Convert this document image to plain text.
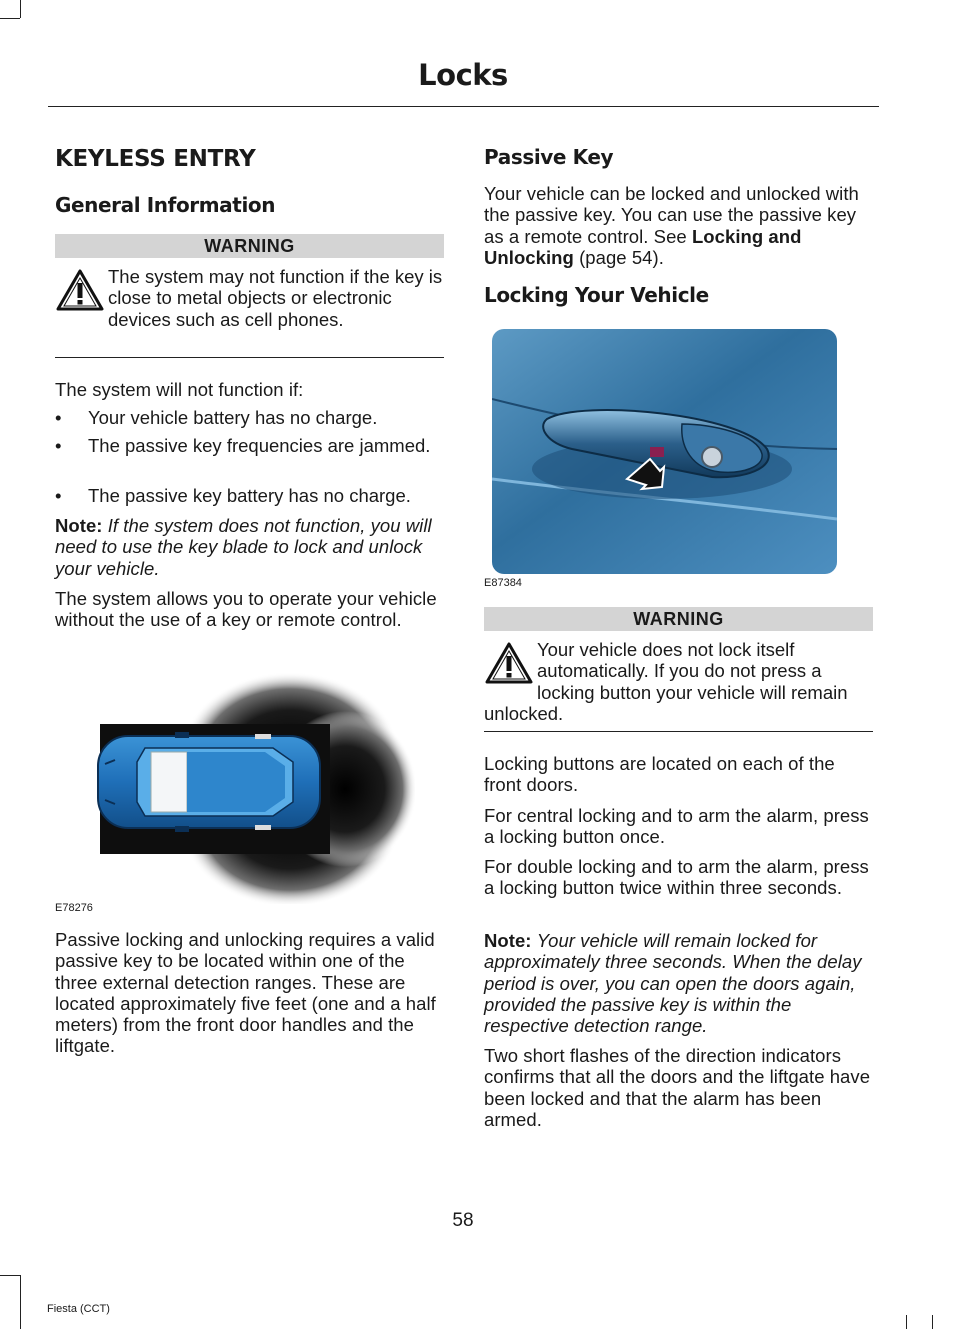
Locks
KEYLESS ENTRY
General Information
WARNING

The system may not function if the key is close to metal objects or electronic devices such as cell phones.

The system will not function if:

• Your vehicle battery has no charge.
• The passive key frequencies are jammed.
• The passive key battery has no charge.

Note: If the system does not function, you will need to use the key blade to lock and unlock your vehicle.

The system allows you to operate your vehicle without the use of a key or remote control.

E78276

Passive locking and unlocking requires a valid passive key to be located within one of the three external detection ranges. These are located approximately five feet (one and a half meters) from the front door handles and the liftgate.

Passive Key

Your vehicle can be locked and unlocked with the passive key. You can use the passive key as a remote control. See Locking and Unlocking (page 54).

Locking Your Vehicle
E87384
WARNING

Your vehicle does not lock itself automatically. If you do not press a locking button your vehicle will remain unlocked.

Locking buttons are located on each of the front doors.

For central locking and to arm the alarm, press a locking button once.

For double locking and to arm the alarm, press a locking button twice within three seconds.

Note: Your vehicle will remain locked for approximately three seconds. When the delay period is over, you can open the doors again, provided the passive key is within the respective detection range.

Two short flashes of the direction indicators confirms that all the doors and the liftgate have been locked and that the alarm has been armed.

58
Fiesta (CCT)
